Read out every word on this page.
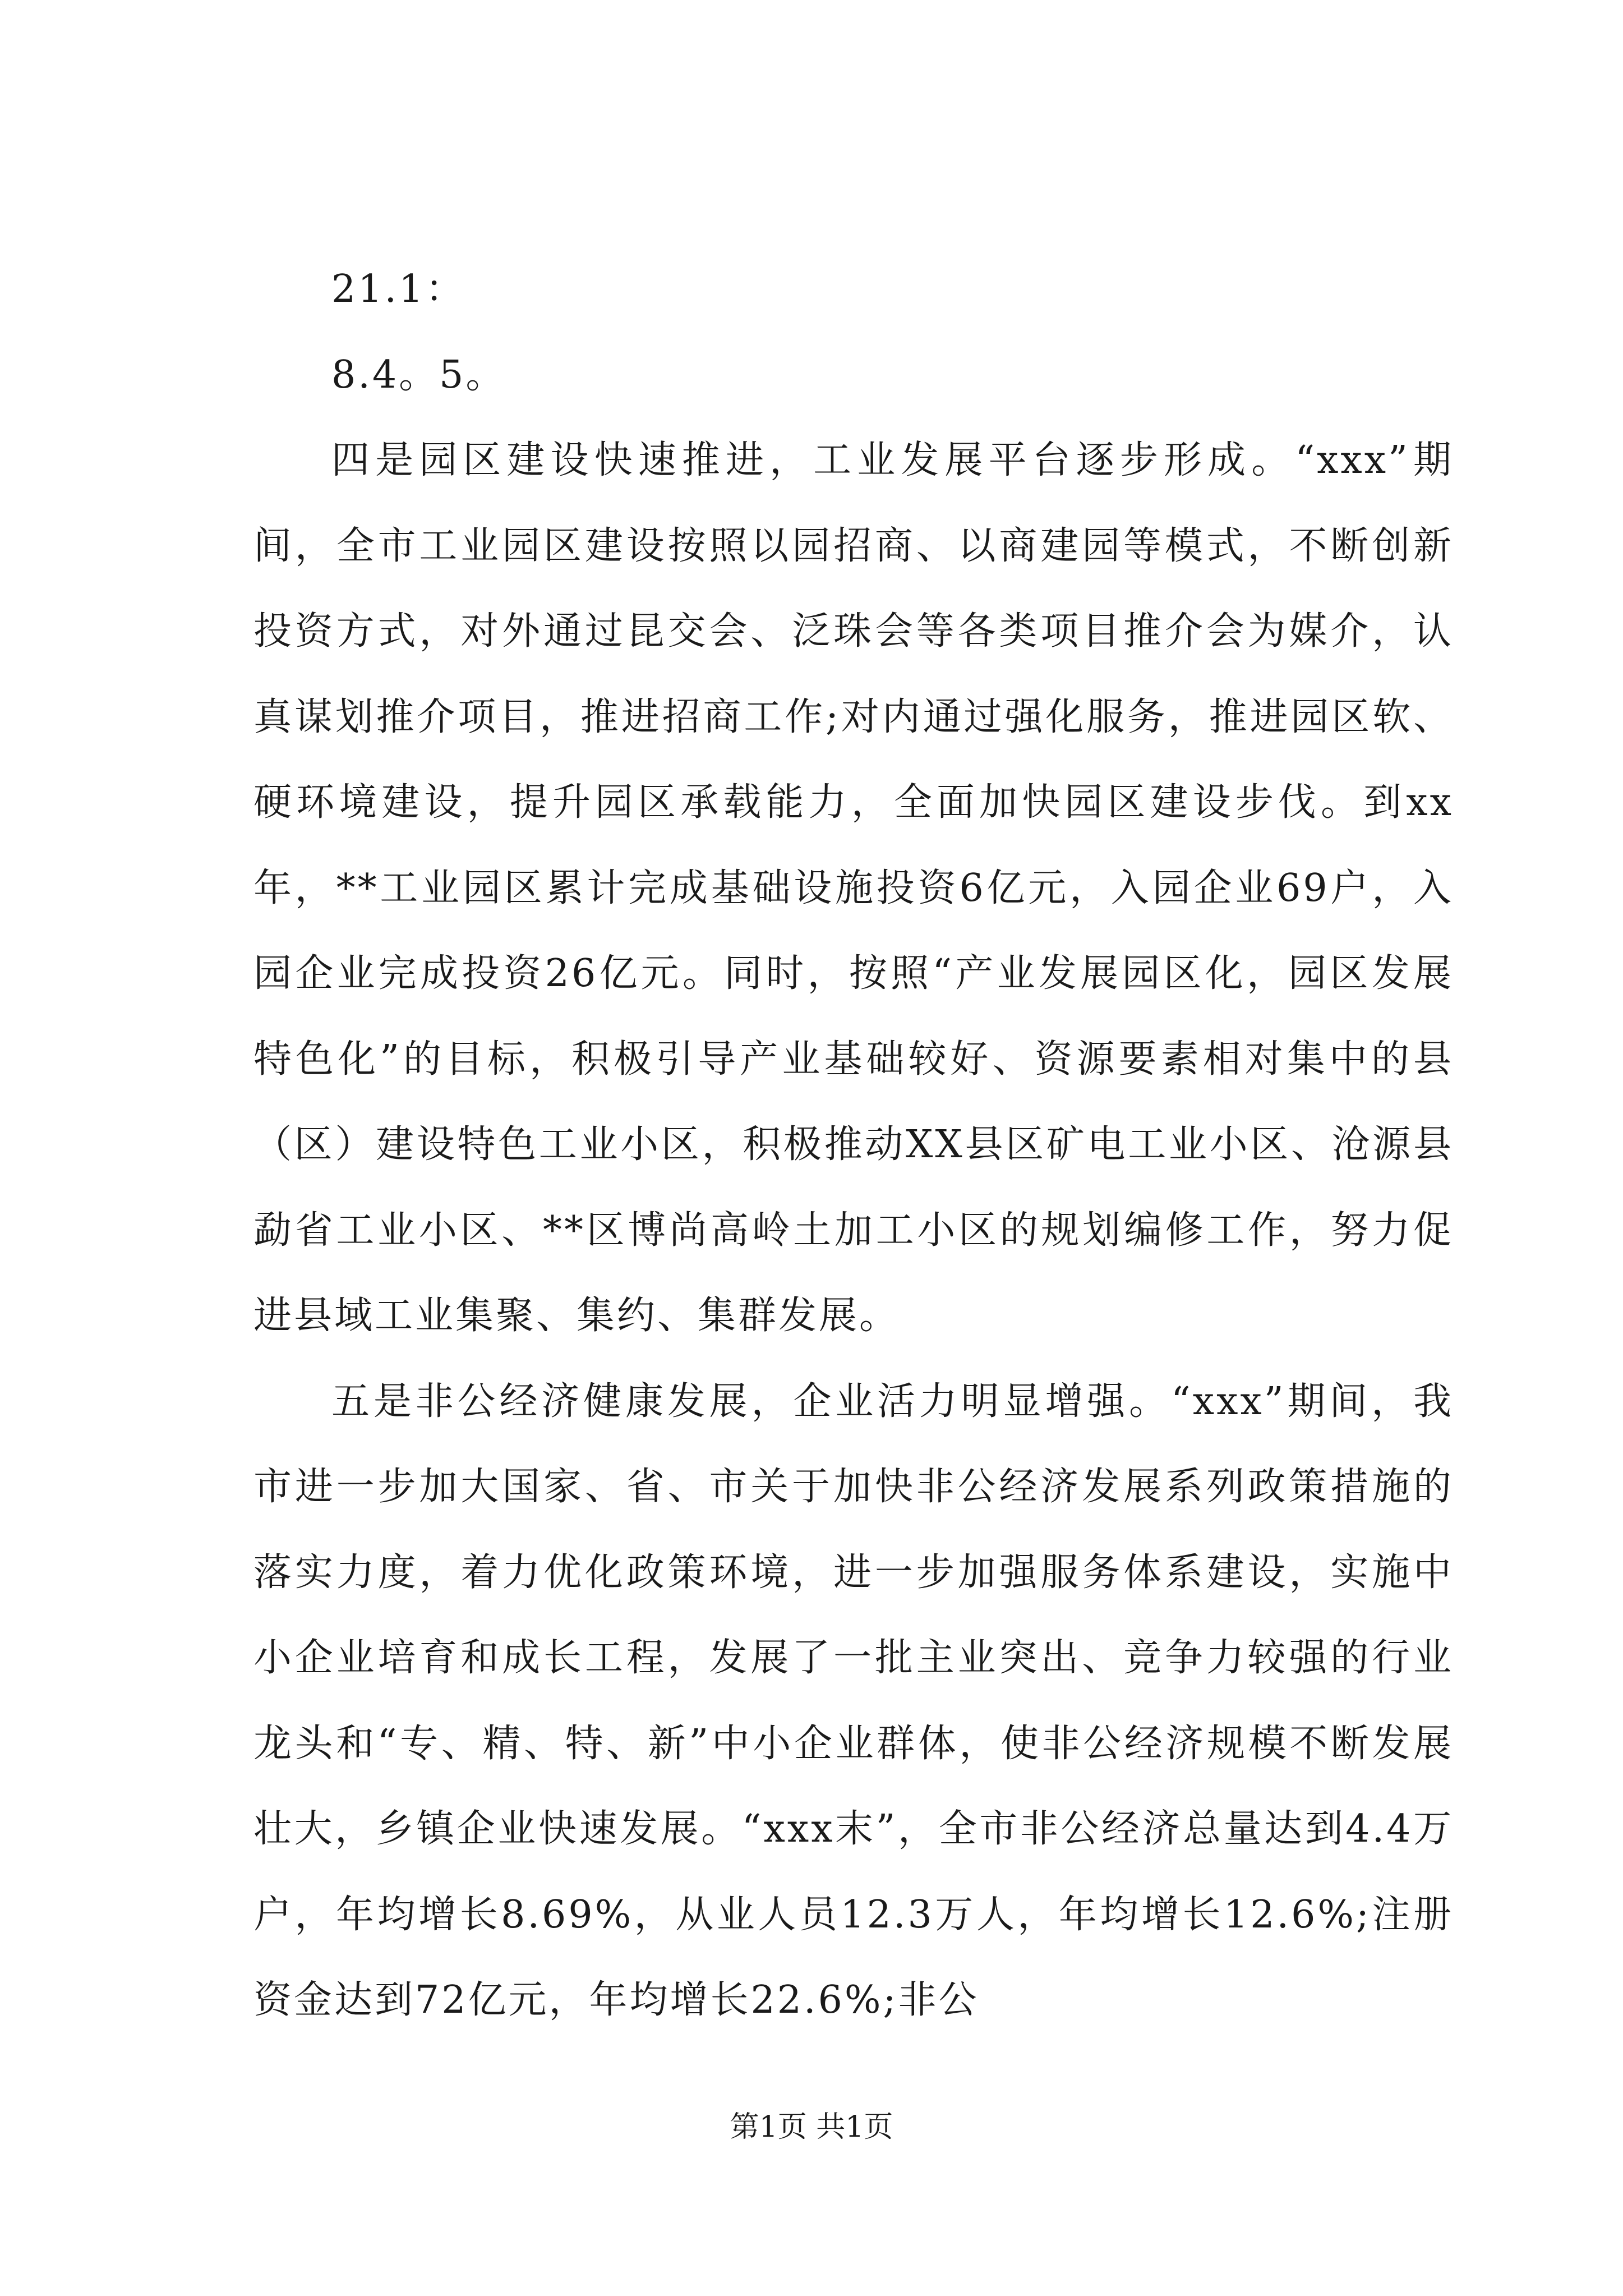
21.1：

8.4。5。

四是园区建设快速推进，工业发展平台逐步形成。“xxx”期间，全市工业园区建设按照以园招商、以商建园等模式，不断创新投资方式，对外通过昆交会、泛珠会等各类项目推介会为媒介，认真谋划推介项目，推进招商工作;对内通过强化服务，推进园区软、硬环境建设，提升园区承载能力，全面加快园区建设步伐。到xx年，**工业园区累计完成基础设施投资6亿元，入园企业69户，入园企业完成投资26亿元。同时，按照“产业发展园区化，园区发展特色化”的目标，积极引导产业基础较好、资源要素相对集中的县（区）建设特色工业小区，积极推动XX县区矿电工业小区、沧源县勐省工业小区、**区博尚高岭土加工小区的规划编修工作，努力促进县域工业集聚、集约、集群发展。

五是非公经济健康发展，企业活力明显增强。“xxx”期间，我市进一步加大国家、省、市关于加快非公经济发展系列政策措施的落实力度，着力优化政策环境，进一步加强服务体系建设，实施中小企业培育和成长工程，发展了一批主业突出、竞争力较强的行业龙头和“专、精、特、新”中小企业群体，使非公经济规模不断发展壮大，乡镇企业快速发展。“xxx末”，全市非公经济总量达到4.4万户，年均增长8.69%，从业人员12.3万人，年均增长12.6%;注册资金达到72亿元，年均增长22.6%;非公

第1页 共1页
